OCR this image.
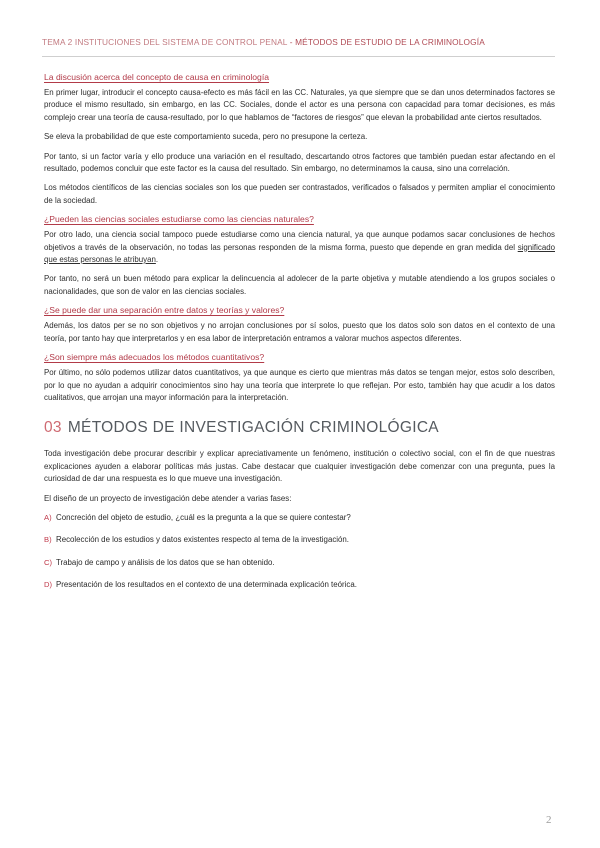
TEMA 2 INSTITUCIONES DEL SISTEMA DE CONTROL PENAL - MÉTODOS DE ESTUDIO DE LA CRIMINOLOGÍA
La discusión acerca del concepto de causa en criminología

En primer lugar, introducir el concepto causa-efecto es más fácil en las CC. Naturales, ya que siempre que se dan unos determinados factores se produce el mismo resultado, sin embargo, en las CC. Sociales, donde el actor es una persona con capacidad para tomar decisiones, es más complejo crear una teoría de causa-resultado, por lo que hablamos de “factores de riesgos” que elevan la probabilidad ante ciertos resultados.

Se eleva la probabilidad de que este comportamiento suceda, pero no presupone la certeza.

Por tanto, si un factor varía y ello produce una variación en el resultado, descartando otros factores que también puedan estar afectando en el resultado, podemos concluir que este factor es la causa del resultado. Sin embargo, no determinamos la causa, sino una correlación.

Los métodos científicos de las ciencias sociales son los que pueden ser contrastados, verificados o falsados y permiten ampliar el conocimiento de la sociedad.

¿Pueden las ciencias sociales estudiarse como las ciencias naturales?

Por otro lado, una ciencia social tampoco puede estudiarse como una ciencia natural, ya que aunque podamos sacar conclusiones de hechos objetivos a través de la observación, no todas las personas responden de la misma forma, puesto que depende en gran medida del significado que estas personas le atribuyan.

Por tanto, no será un buen método para explicar la delincuencia al adolecer de la parte objetiva y mutable atendiendo a los grupos sociales o nacionalidades, que son de valor en las ciencias sociales.

¿Se puede dar una separación entre datos y teorías y valores?

Además, los datos per se no son objetivos y no arrojan conclusiones por sí solos, puesto que los datos solo son datos en el contexto de una teoría, por tanto hay que interpretarlos y en esa labor de interpretación entramos a valorar muchos aspectos diferentes.

¿Son siempre más adecuados los métodos cuantitativos?

Por último, no sólo podemos utilizar datos cuantitativos, ya que aunque es cierto que mientras más datos se tengan mejor, estos solo describen, por lo que no ayudan a adquirir conocimientos sino hay una teoría que interprete lo que reflejan. Por esto, también hay que acudir a los datos cualitativos, que arrojan una mayor información para la interpretación.

03 MÉTODOS DE INVESTIGACIÓN CRIMINOLÓGICA

Toda investigación debe procurar describir y explicar apreciativamente un fenómeno, institución o colectivo social, con el fin de que nuestras explicaciones ayuden a elaborar políticas más justas. Cabe destacar que cualquier investigación debe comenzar con una pregunta, pues la curiosidad de dar una respuesta es lo que mueve una investigación.

El diseño de un proyecto de investigación debe atender a varias fases:

A) Concreción del objeto de estudio, ¿cuál es la pregunta a la que se quiere contestar?
B) Recolección de los estudios y datos existentes respecto al tema de la investigación.
C) Trabajo de campo y análisis de los datos que se han obtenido.
D) Presentación de los resultados en el contexto de una determinada explicación teórica.
2
